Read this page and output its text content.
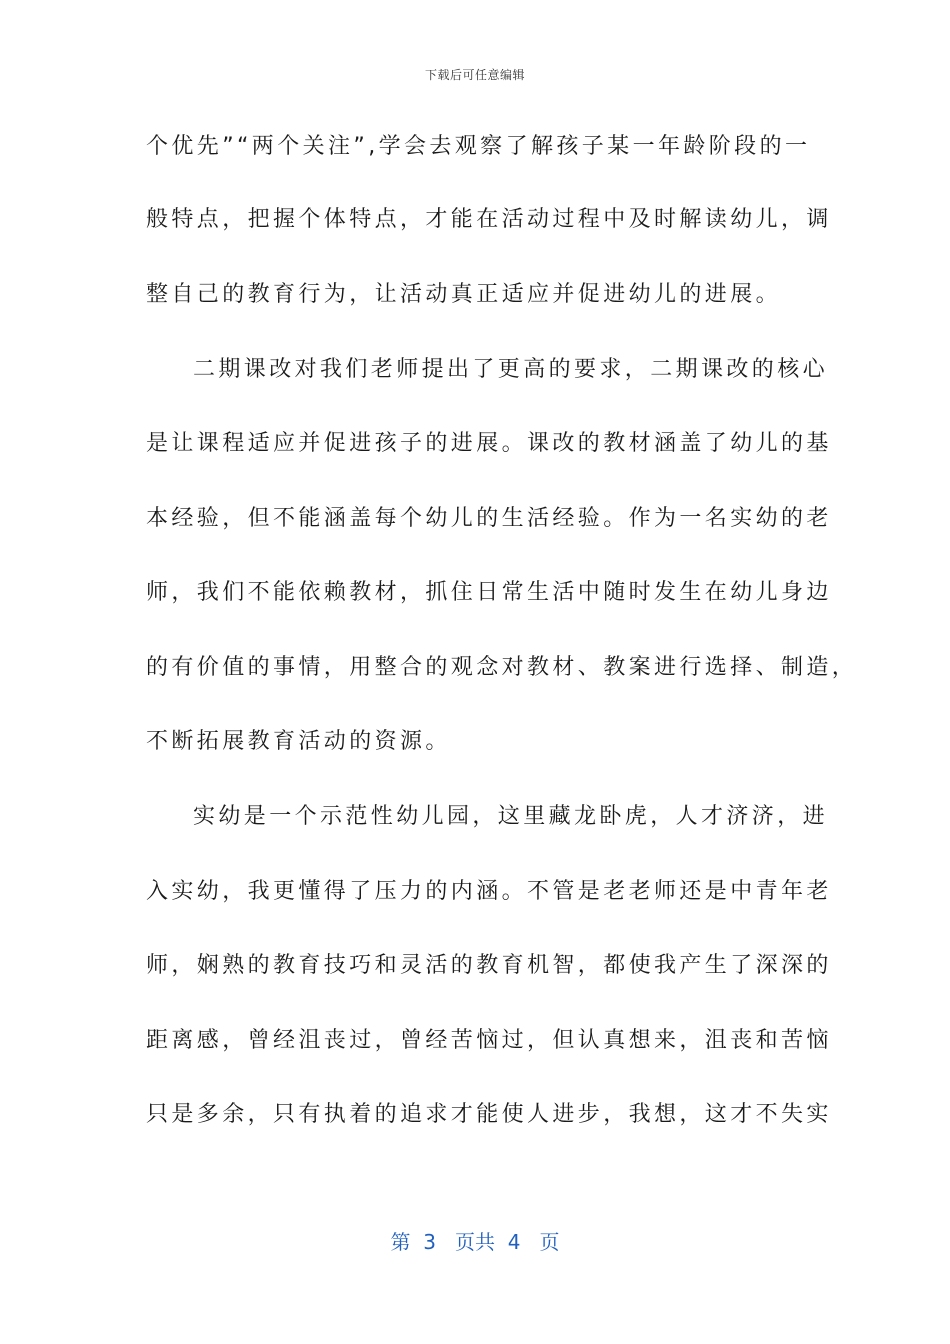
下载后可任意编辑
个优先”“两个关注”,学会去观察了解孩子某一年龄阶段的一
般特点，把握个体特点，才能在活动过程中及时解读幼儿，调
整自己的教育行为，让活动真正适应并促进幼儿的进展。
二期课改对我们老师提出了更高的要求，二期课改的核心
是让课程适应并促进孩子的进展。课改的教材涵盖了幼儿的基
本经验，但不能涵盖每个幼儿的生活经验。作为一名实幼的老
师，我们不能依赖教材，抓住日常生活中随时发生在幼儿身边
的有价值的事情，用整合的观念对教材、教案进行选择、制造，
不断拓展教育活动的资源。
实幼是一个示范性幼儿园，这里藏龙卧虎，人才济济，进
入实幼，我更懂得了压力的内涵。不管是老老师还是中青年老
师，娴熟的教育技巧和灵活的教育机智，都使我产生了深深的
距离感，曾经沮丧过，曾经苦恼过，但认真想来，沮丧和苦恼
只是多余，只有执着的追求才能使人进步，我想，这才不失实
第  3   页共  4   页
